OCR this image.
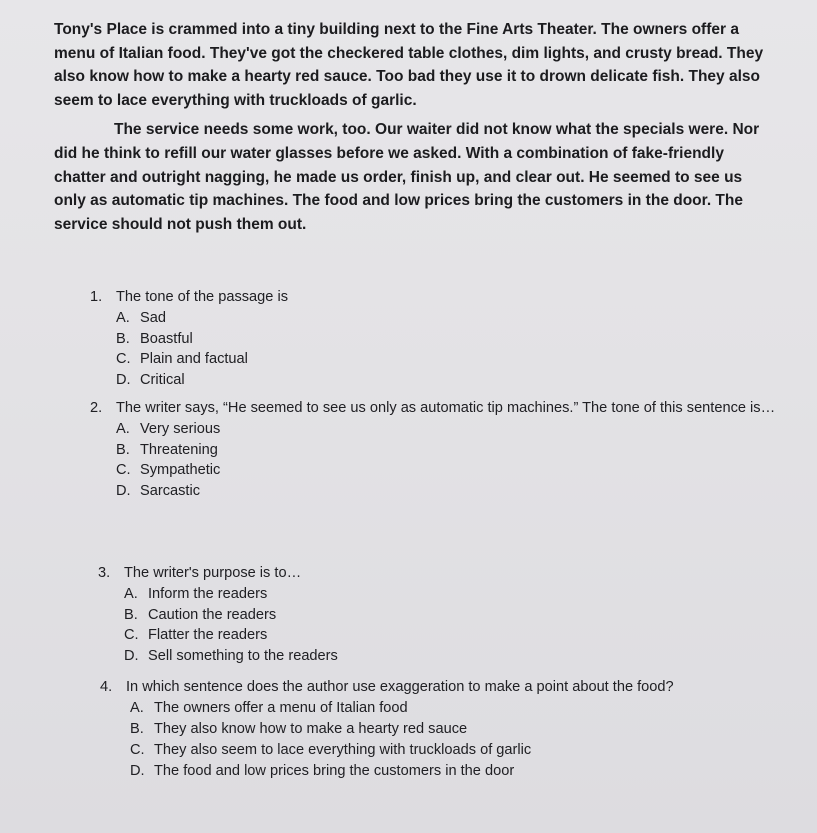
Tony's Place is crammed into a tiny building next to the Fine Arts Theater. The owners offer a menu of Italian food. They've got the checkered table clothes, dim lights, and crusty bread. They also know how to make a hearty red sauce. Too bad they use it to drown delicate fish. They also seem to lace everything with truckloads of garlic.

The service needs some work, too. Our waiter did not know what the specials were. Nor did he think to refill our water glasses before we asked. With a combination of fake-friendly chatter and outright nagging, he made us order, finish up, and clear out. He seemed to see us only as automatic tip machines. The food and low prices bring the customers in the door. The service should not push them out.

1. The tone of the passage is
A. Sad
B. Boastful
C. Plain and factual
D. Critical
2. The writer says, “He seemed to see us only as automatic tip machines.” The tone of this sentence is…
A. Very serious
B. Threatening
C. Sympathetic
D. Sarcastic
3. The writer's purpose is to…
A. Inform the readers
B. Caution the readers
C. Flatter the readers
D. Sell something to the readers
4. In which sentence does the author use exaggeration to make a point about the food?
A. The owners offer a menu of Italian food
B. They also know how to make a hearty red sauce
C. They also seem to lace everything with truckloads of garlic
D. The food and low prices bring the customers in the door
